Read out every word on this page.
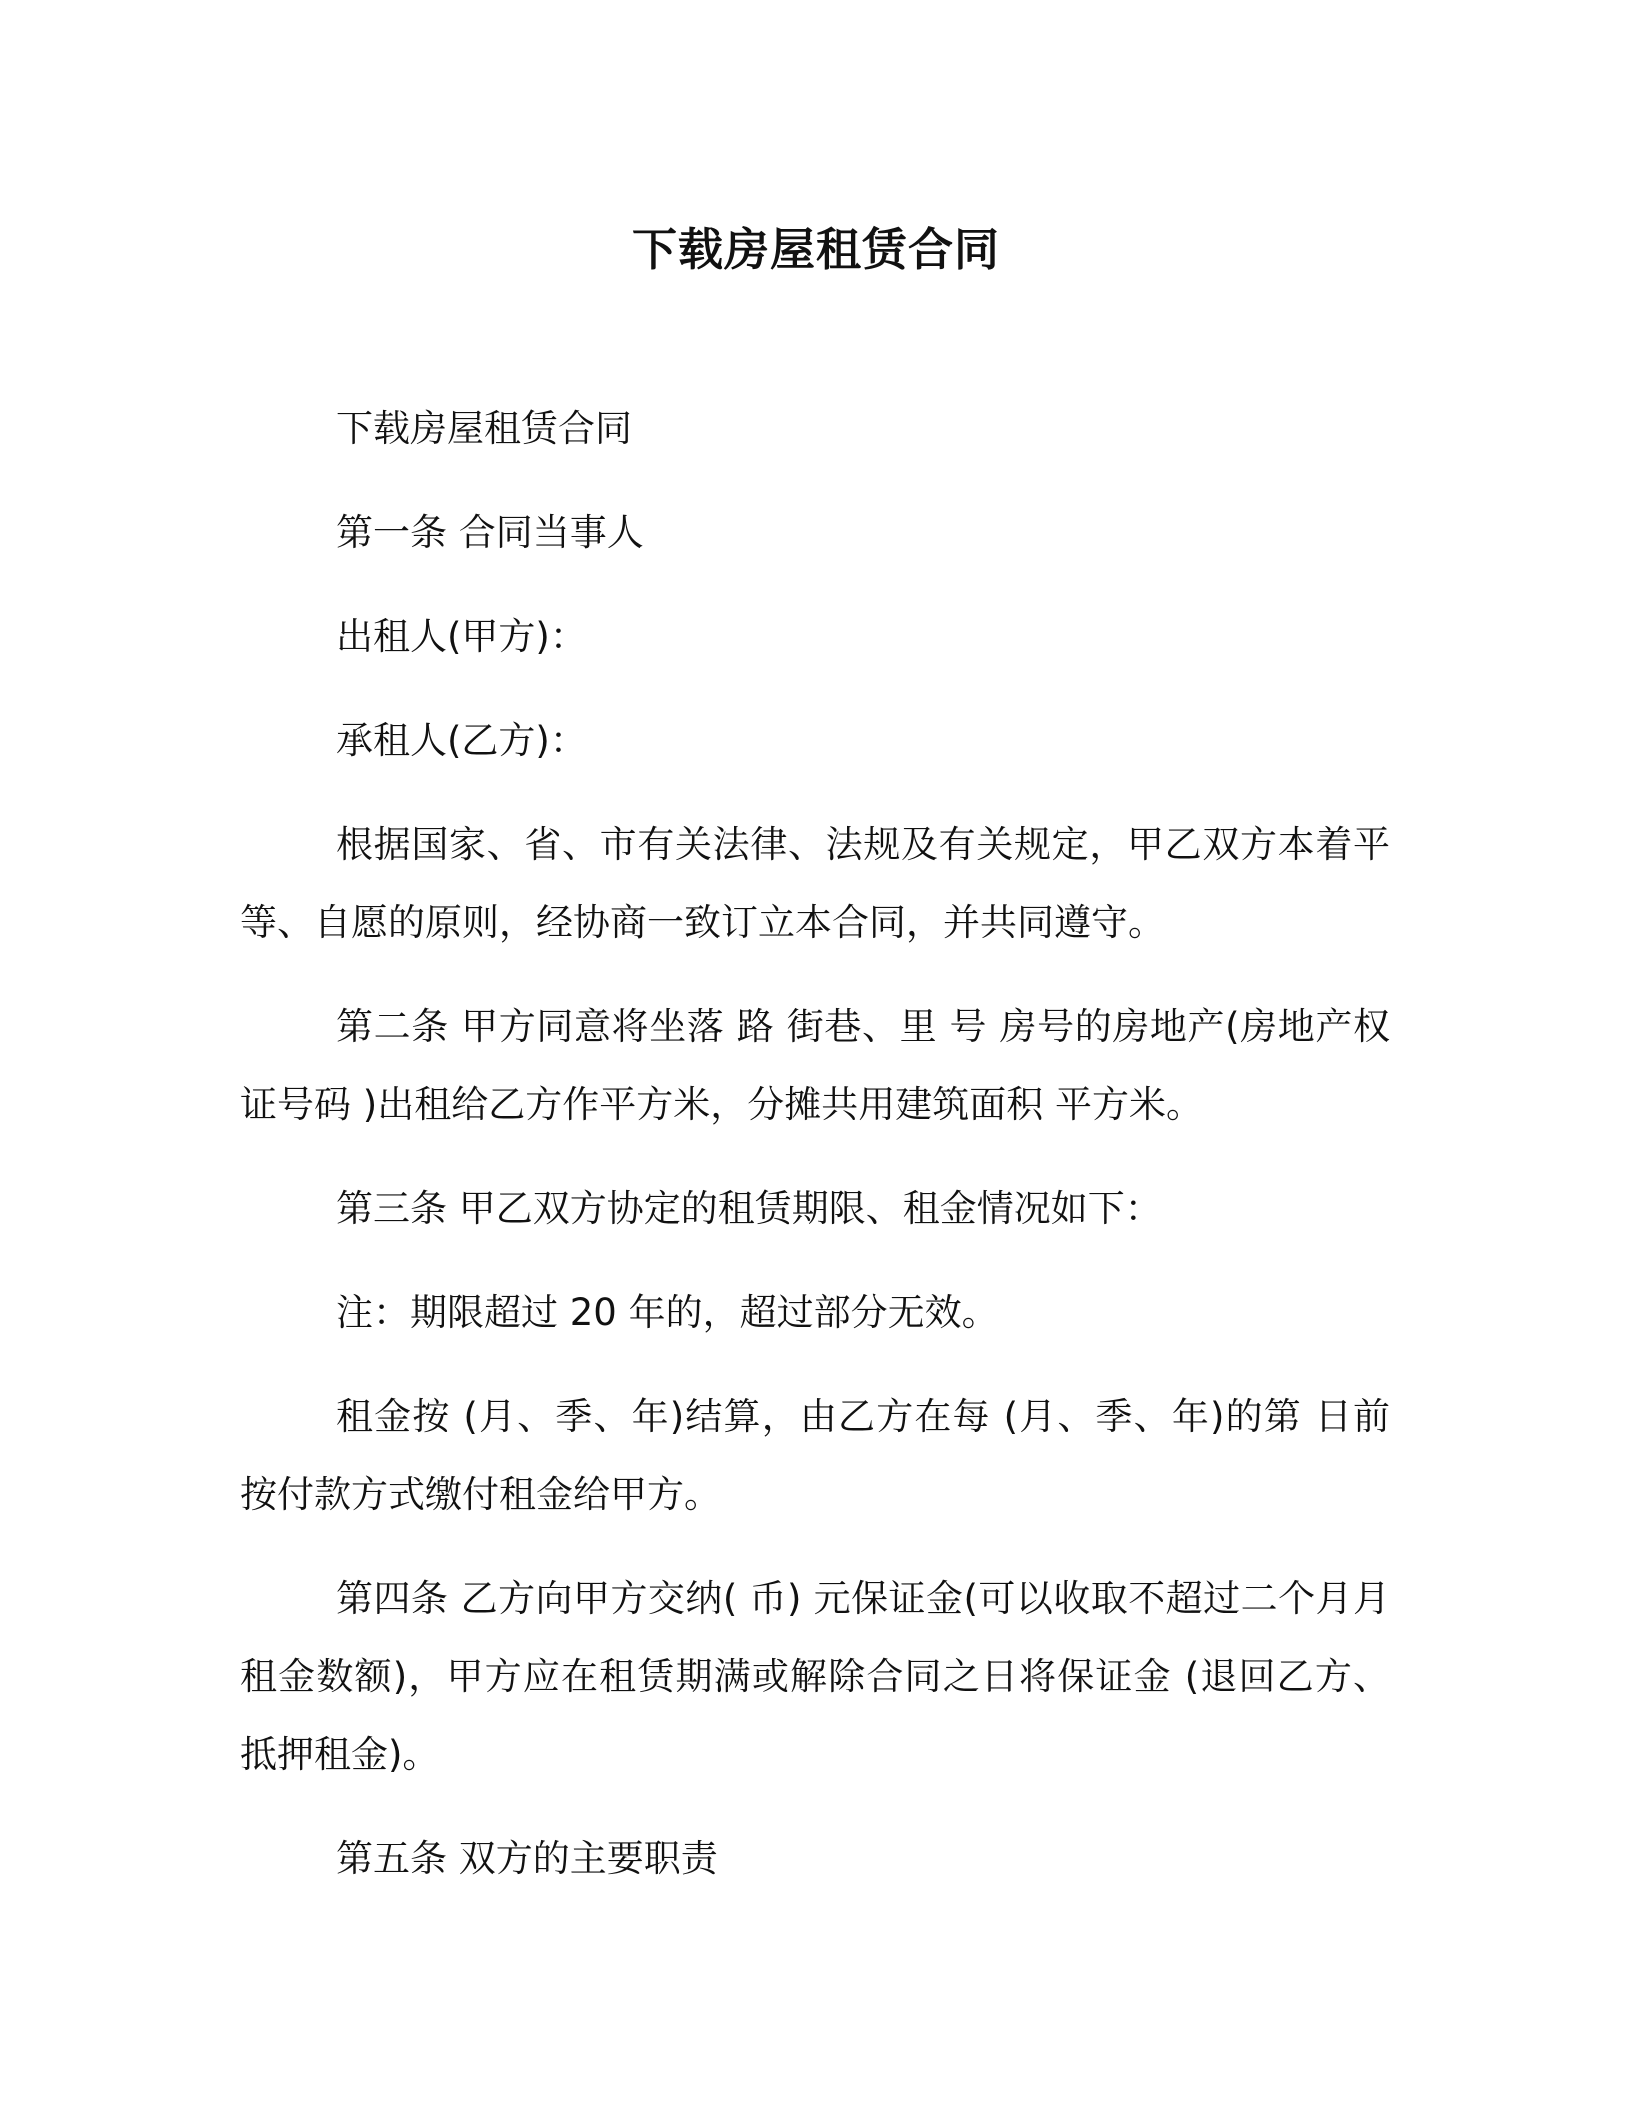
下载房屋租赁合同

下载房屋租赁合同

第一条 合同当事人

出租人(甲方)：

承租人(乙方)：

根据国家、省、市有关法律、法规及有关规定，甲乙双方本着平等、自愿的原则，经协商一致订立本合同，并共同遵守。

第二条 甲方同意将坐落 路 街巷、里 号 房号的房地产(房地产权证号码 )出租给乙方作平方米，分摊共用建筑面积 平方米。

第三条 甲乙双方协定的租赁期限、租金情况如下：

注：期限超过 20 年的，超过部分无效。

租金按 (月、季、年)结算，由乙方在每 (月、季、年)的第 日前按付款方式缴付租金给甲方。

第四条 乙方向甲方交纳( 币) 元保证金(可以收取不超过二个月月租金数额)，甲方应在租赁期满或解除合同之日将保证金 (退回乙方、抵押租金)。

第五条 双方的主要职责
